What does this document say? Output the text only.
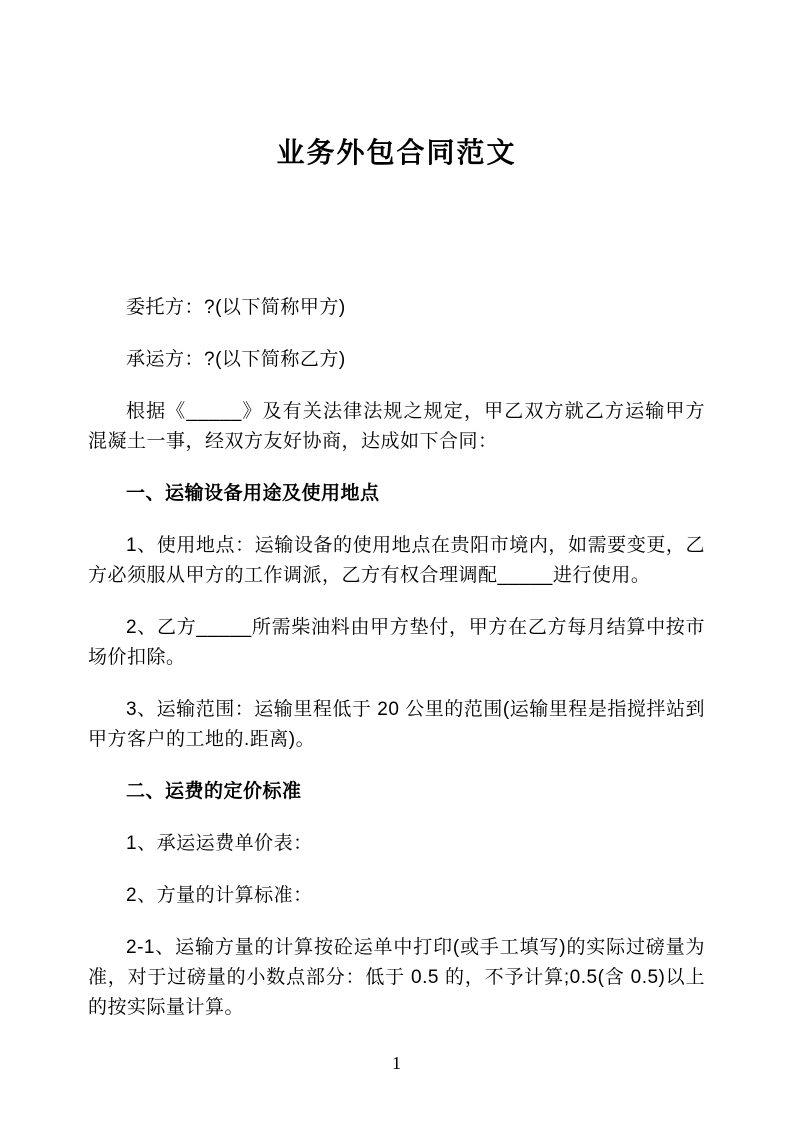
业务外包合同范文

委托方：?(以下简称甲方)

承运方：?(以下简称乙方)

根据《_____》及有关法律法规之规定，甲乙双方就乙方运输甲方混凝土一事，经双方友好协商，达成如下合同：

一、运输设备用途及使用地点

1、使用地点：运输设备的使用地点在贵阳市境内，如需要变更，乙方必须服从甲方的工作调派，乙方有权合理调配_____进行使用。

2、乙方_____所需柴油料由甲方垫付，甲方在乙方每月结算中按市场价扣除。

3、运输范围：运输里程低于 20 公里的范围(运输里程是指搅拌站到甲方客户的工地的.距离)。

二、运费的定价标准

1、承运运费单价表：

2、方量的计算标准：

2-1、运输方量的计算按砼运单中打印(或手工填写)的实际过磅量为准，对于过磅量的小数点部分：低于 0.5 的，不予计算;0.5(含 0.5)以上的按实际量计算。

1
